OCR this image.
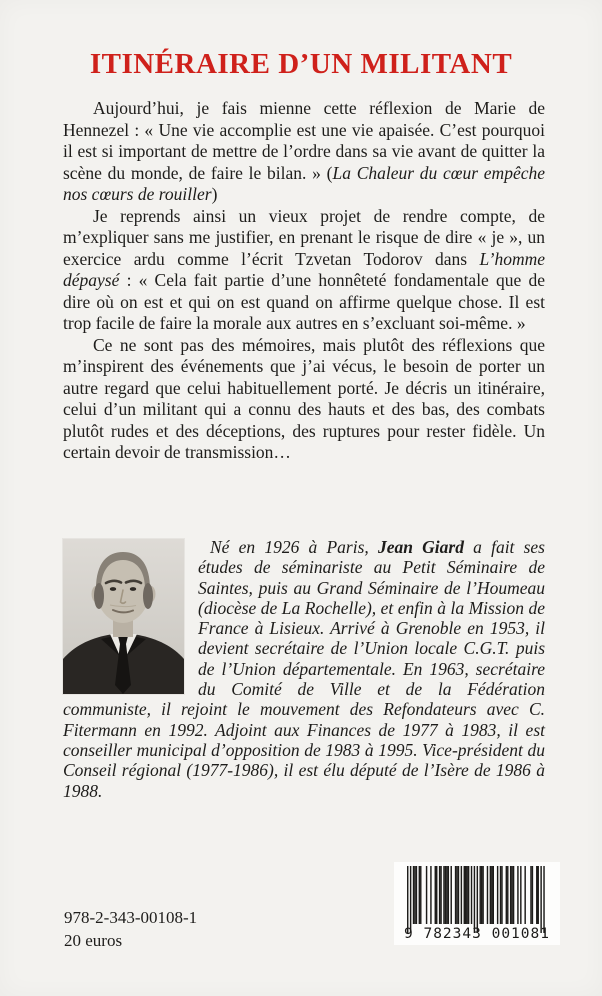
ITINÉRAIRE D’UN MILITANT

Aujourd’hui, je fais mienne cette réflexion de Marie de Hennezel : « Une vie accomplie est une vie apaisée. C’est pourquoi il est si important de mettre de l’ordre dans sa vie avant de quitter la scène du monde, de faire le bilan. » (La Chaleur du cœur empêche nos cœurs de rouiller)

Je reprends ainsi un vieux projet de rendre compte, de m’expliquer sans me justifier, en prenant le risque de dire « je », un exercice ardu comme l’écrit Tzvetan Todorov dans L’homme dépaysé : « Cela fait partie d’une honnêteté fondamentale que de dire où on est et qui on est quand on affirme quelque chose. Il est trop facile de faire la morale aux autres en s’excluant soi-même. »

Ce ne sont pas des mémoires, mais plutôt des réflexions que m’inspirent des événements que j’ai vécus, le besoin de porter un autre regard que celui habituellement porté. Je décris un itinéraire, celui d’un militant qui a connu des hauts et des bas, des combats plutôt rudes et des déceptions, des ruptures pour rester fidèle. Un certain devoir de transmission…

Né en 1926 à Paris, Jean Giard a fait ses études de séminariste au Petit Séminaire de Saintes, puis au Grand Séminaire de l’Houmeau (diocèse de La Rochelle), et enfin à la Mission de France à Lisieux. Arrivé à Grenoble en 1953, il devient secrétaire de l’Union locale C.G.T. puis de l’Union départementale. En 1963, secrétaire du Comité de Ville et de la Fédération communiste, il rejoint le mouvement des Refondateurs avec C. Fitermann en 1992. Adjoint aux Finances de 1977 à 1983, il est conseiller municipal d’opposition de 1983 à 1995. Vice-président du Conseil régional (1977-1986), il est élu député de l’Isère de 1986 à 1988.

978-2-343-00108-1
20 euros	9 782343 001081
